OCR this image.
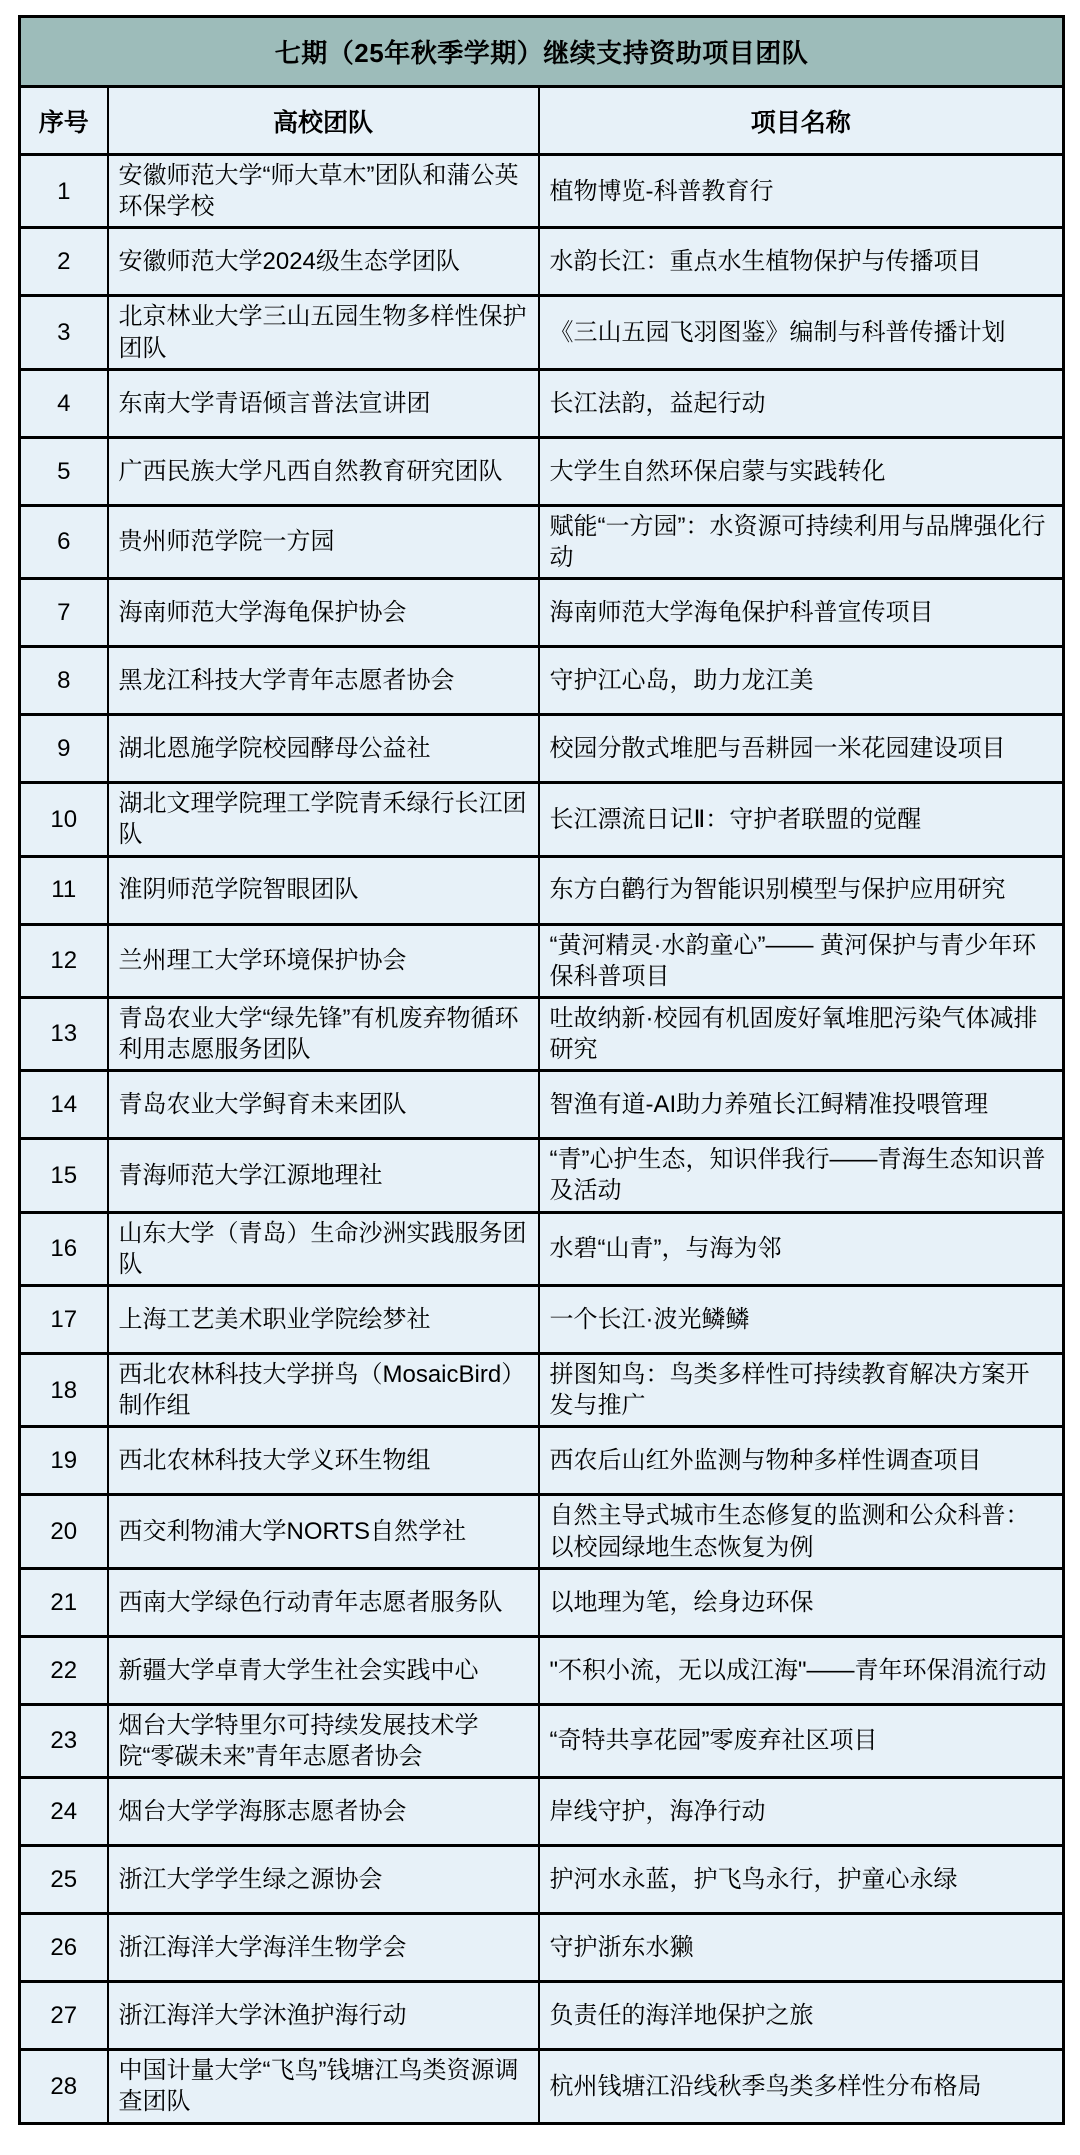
七期（25年秋季学期）继续支持资助项目团队		
序号	高校团队	项目名称
1	安徽师范大学“师大草木”团队和蒲公英环保学校	植物博览-科普教育行
2	安徽师范大学2024级生态学团队	水韵长江：重点水生植物保护与传播项目
3	北京林业大学三山五园生物多样性保护团队	《三山五园飞羽图鉴》编制与科普传播计划
4	东南大学青语倾言普法宣讲团	长江法韵，益起行动
5	广西民族大学凡西自然教育研究团队	大学生自然环保启蒙与实践转化
6	贵州师范学院一方园	赋能“一方园”：水资源可持续利用与品牌强化行动
7	海南师范大学海龟保护协会	海南师范大学海龟保护科普宣传项目
8	黑龙江科技大学青年志愿者协会	守护江心岛，助力龙江美
9	湖北恩施学院校园酵母公益社	校园分散式堆肥与吾耕园一米花园建设项目
10	湖北文理学院理工学院青禾绿行长江团队	长江漂流日记Ⅱ：守护者联盟的觉醒
11	淮阴师范学院智眼团队	东方白鹳行为智能识别模型与保护应用研究
12	兰州理工大学环境保护协会	“黄河精灵·水韵童心”—— 黄河保护与青少年环保科普项目
13	青岛农业大学“绿先锋”有机废弃物循环利用志愿服务团队	吐故纳新·校园有机固废好氧堆肥污染气体减排研究
14	青岛农业大学鲟育未来团队	智渔有道-AI助力养殖长江鲟精准投喂管理
15	青海师范大学江源地理社	“青”心护生态，知识伴我行——青海生态知识普及活动
16	山东大学（青岛）生命沙洲实践服务团队	水碧“山青”，与海为邻
17	上海工艺美术职业学院绘梦社	一个长江·波光鳞鳞
18	西北农林科技大学拼鸟（MosaicBird）制作组	拼图知鸟：鸟类多样性可持续教育解决方案开发与推广
19	西北农林科技大学义环生物组	西农后山红外监测与物种多样性调查项目
20	西交利物浦大学NORTS自然学社	自然主导式城市生态修复的监测和公众科普：以校园绿地生态恢复为例
21	西南大学绿色行动青年志愿者服务队	以地理为笔，绘身边环保
22	新疆大学卓青大学生社会实践中心	"不积小流，无以成江海"——青年环保涓流行动
23	烟台大学特里尔可持续发展技术学院“零碳未来”青年志愿者协会	“奇特共享花园”零废弃社区项目
24	烟台大学学海豚志愿者协会	岸线守护，海净行动
25	浙江大学学生绿之源协会	护河水永蓝，护飞鸟永行，护童心永绿
26	浙江海洋大学海洋生物学会	守护浙东水獭
27	浙江海洋大学沐渔护海行动	负责任的海洋地保护之旅
28	中国计量大学“飞鸟”钱塘江鸟类资源调查团队	杭州钱塘江沿线秋季鸟类多样性分布格局
